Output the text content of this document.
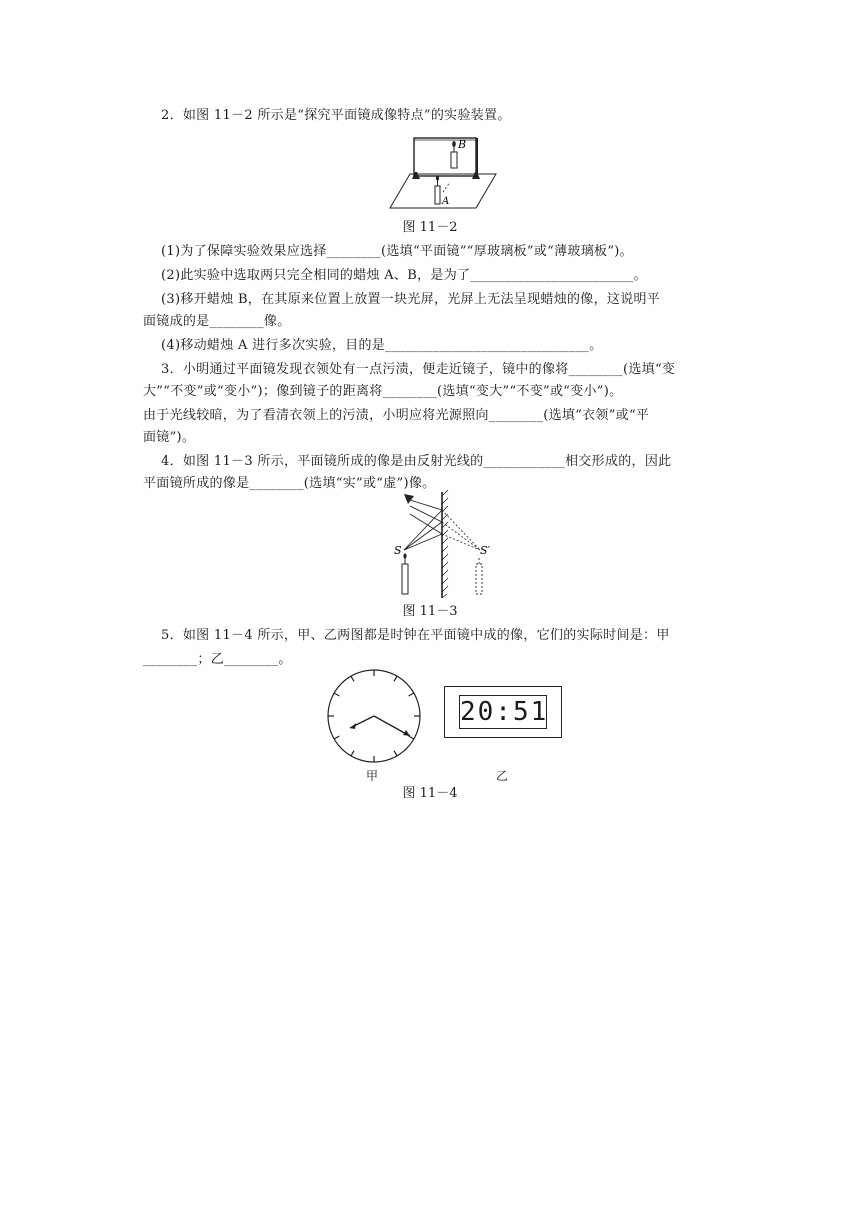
2．如图 11－2 所示是“探究平面镜成像特点”的实验装置。
B
A
图 11－2
(1)为了保障实验效果应选择________(选填“平面镜”“厚玻璃板”或“薄玻璃板”)。
(2)此实验中选取两只完全相同的蜡烛 A、B，是为了________________________。
(3)移开蜡烛 B，在其原来位置上放置一块光屏，光屏上无法呈现蜡烛的像，这说明平
面镜成的是________像。
(4)移动蜡烛 A 进行多次实验，目的是______________________________。
3．小明通过平面镜发现衣领处有一点污渍，便走近镜子，镜中的像将________(选填“变
大”“不变”或“变小”)；像到镜子的距离将________(选填“变大”“不变”或“变小”)。
由于光线较暗，为了看清衣领上的污渍，小明应将光源照向________(选填“衣领”或“平
面镜”)。
4．如图 11－3 所示，平面镜所成的像是由反射光线的____________相交形成的，因此
平面镜所成的像是________(选填“实”或“虚”)像。
S	S′
图 11－3
5．如图 11－4 所示，甲、乙两图都是时钟在平面镜中成的像，它们的实际时间是：甲
________；乙________。
甲
20:51
乙
图 11－4
